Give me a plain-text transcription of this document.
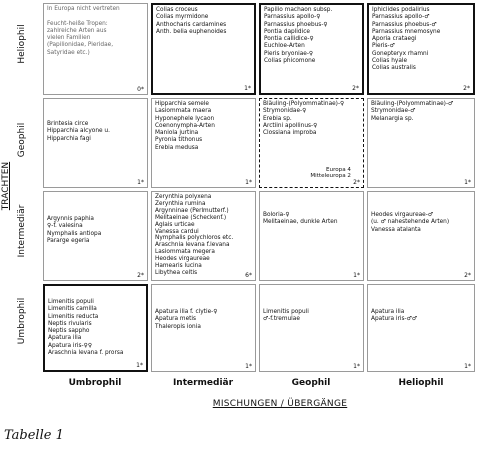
TRACHTEN
Heliophil
Geophil
Intermediär
Umbrophil
In Europa nicht vertreten

Feucht-heiße Tropen:
zahlreiche Arten aus
vielen Familien
(Papilionidae, Pieridae,
Satyridae etc.)
0*
Colias croceus
Colias myrmidone
Anthocharis cardamines
Anth. belia euphenoides
1*
Papilio machaon subsp.
Parnassius apollo-♀
Parnassius phoebus-♀
Pontia daplidice
Pontia callidice-♀
Euchloe-Arten
Pieris bryoniae-♀
Colias phicomone
2*
Iphiclides podalirius
Parnassius apollo-♂
Parnassius phoebus-♂
Parnassius mnemosyne
Aporia crataegi
Pieris-♂
Gonepteryx rhamni
Colias hyale
Colias australis
2*
Brintesia circe
Hipparchia alcyone u.
Hipparchia fagi
1*
Hipparchia semele
Lasiommata maera
Hyponephele lycaon
Coenonympha-Arten
Maniola jurtina
Pyronia tithonus
Erebia medusa
1*
Bläuling-(Polyommatinae)-♀
Strymonidae-♀
Erebia sp.
Arctiini apollinus-♀
Clossiana improba
Europa 4
Mitteleuropa 2
2*
Bläuling-(Polyommatinae)-♂
Strymonidae-♂
Melanargia sp.
1*
Argynnis paphia
♀-f. valesina
Nymphalis antiopa
Pararge egeria
2*
Zerynthia polyxena
Zerynthia rumina
Argynninae (Perlmutterf.)
Melitaeinae (Scheckenf.)
Aglais urticae
Vanessa cardui
Nymphalis polychloros etc.
Araschnia levana f.levana
Lasiommata megera
Heodes virgaureae
Hamearis lucina
Libythea celtis	6*
Boloria-♀
Melitaeinae, dunkle Arten
1*
Heodes virgaureae-♂
(u. ♂ nahestehende Arten)
Vanessa atalanta
2*
Limenitis populi
Limenitis camilla
Limenitis reducta
Neptis rivularis
Neptis sappho
Apatura ilia
Apatura iris-♀♀
Araschnia levana f. prorsa
1*
Apatura ilia f. clytie-♀
Apatura metis
Thaleropis ionia
1*
Limenitis populi
♂-f.tremulae
1*
Apatura ilia
Apatura iris-♂♂
1*
Umbrophil	Intermediär	Geophil	Heliophil
MISCHUNGEN / ÜBERGÄNGE
Tabelle 1
